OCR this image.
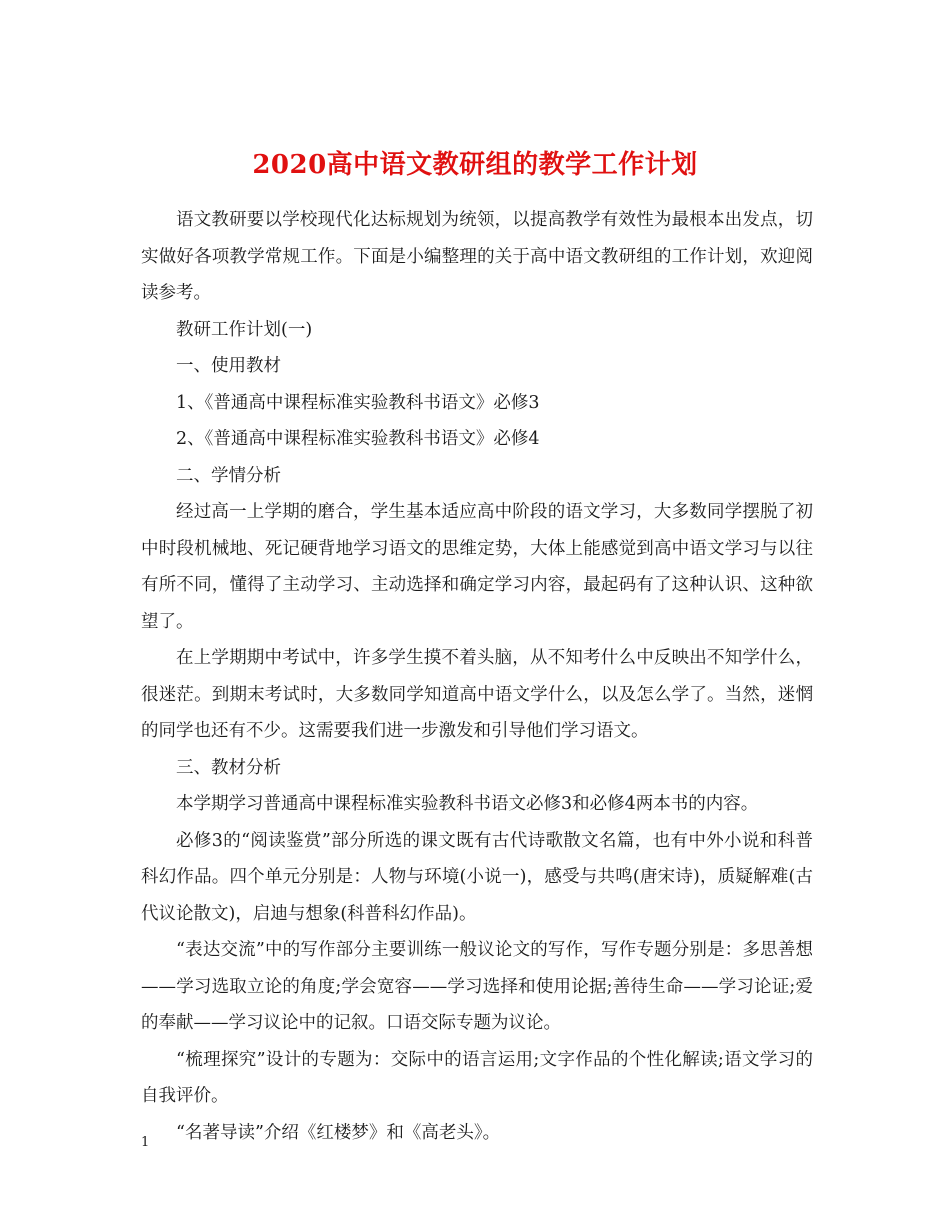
2020高中语文教研组的教学工作计划

语文教研要以学校现代化达标规划为统领，以提高教学有效性为最根本出发点，切实做好各项教学常规工作。下面是小编整理的关于高中语文教研组的工作计划，欢迎阅读参考。

教研工作计划(一)

一、使用教材

1、《普通高中课程标准实验教科书语文》必修3

2、《普通高中课程标准实验教科书语文》必修4

二、学情分析

经过高一上学期的磨合，学生基本适应高中阶段的语文学习，大多数同学摆脱了初中时段机械地、死记硬背地学习语文的思维定势，大体上能感觉到高中语文学习与以往有所不同，懂得了主动学习、主动选择和确定学习内容，最起码有了这种认识、这种欲望了。

在上学期期中考试中，许多学生摸不着头脑，从不知考什么中反映出不知学什么，很迷茫。到期末考试时，大多数同学知道高中语文学什么，以及怎么学了。当然，迷惘的同学也还有不少。这需要我们进一步激发和引导他们学习语文。

三、教材分析

本学期学习普通高中课程标准实验教科书语文必修3和必修4两本书的内容。

必修3的“阅读鉴赏”部分所选的课文既有古代诗歌散文名篇，也有中外小说和科普科幻作品。四个单元分别是：人物与环境(小说一)，感受与共鸣(唐宋诗)，质疑解难(古代议论散文)，启迪与想象(科普科幻作品)。

“表达交流”中的写作部分主要训练一般议论文的写作，写作专题分别是：多思善想——学习选取立论的角度;学会宽容——学习选择和使用论据;善待生命——学习论证;爱的奉献——学习议论中的记叙。口语交际专题为议论。

“梳理探究”设计的专题为：交际中的语言运用;文字作品的个性化解读;语文学习的自我评价。

“名著导读”介绍《红楼梦》和《高老头》。

1
